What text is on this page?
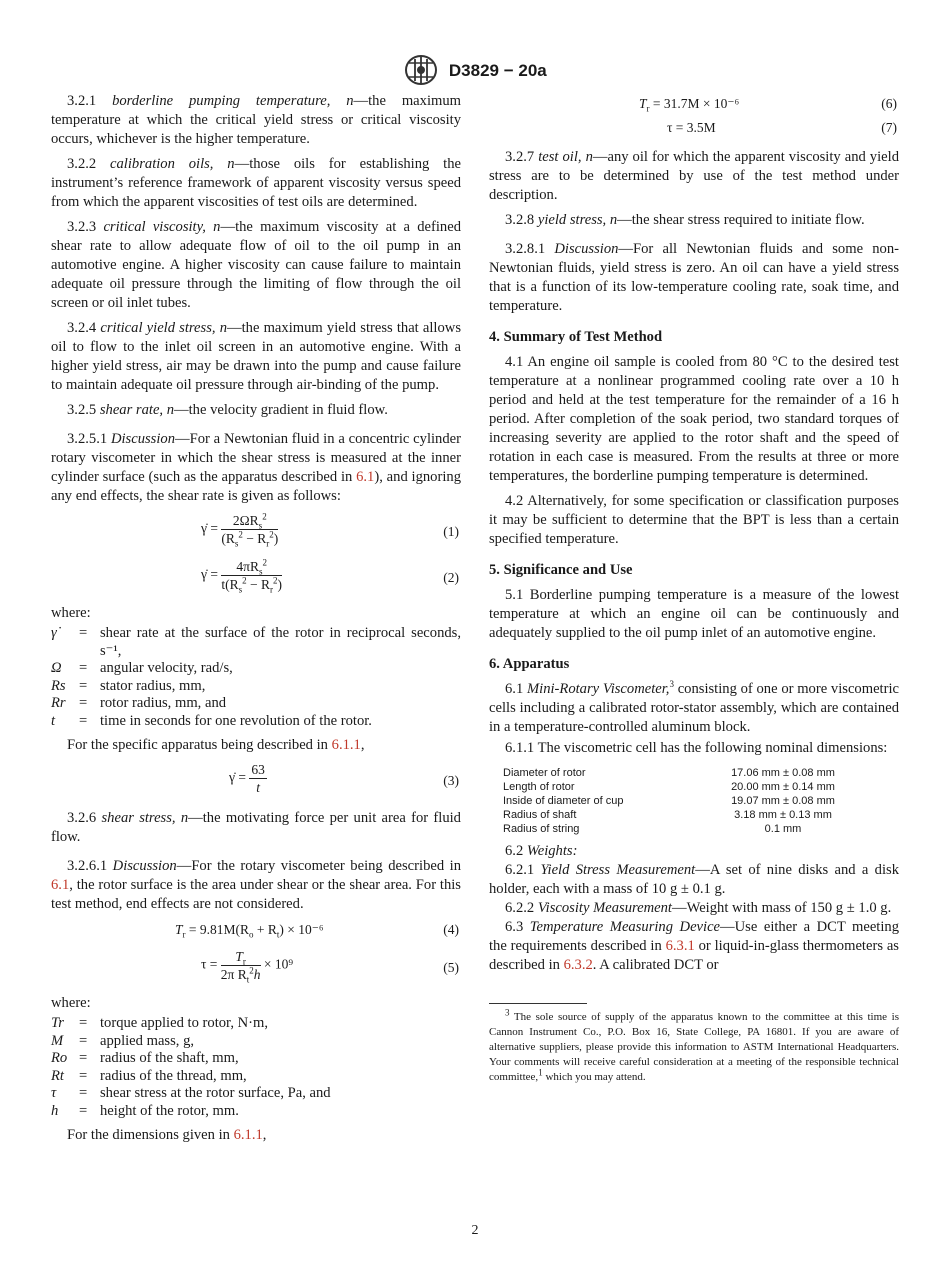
D3829 − 20a

3.2.1 borderline pumping temperature, n—the maximum temperature at which the critical yield stress or critical viscosity occurs, whichever is the higher temperature.

3.2.2 calibration oils, n—those oils for establishing the instrument’s reference framework of apparent viscosity versus speed from which the apparent viscosities of test oils are determined.

3.2.3 critical viscosity, n—the maximum viscosity at a defined shear rate to allow adequate flow of oil to the oil pump in an automotive engine. A higher viscosity can cause failure to maintain adequate oil pressure through the limiting of flow through the oil screen or oil inlet tubes.

3.2.4 critical yield stress, n—the maximum yield stress that allows oil to flow to the inlet oil screen in an automotive engine. With a higher yield stress, air may be drawn into the pump and cause failure to maintain adequate oil pressure through air-binding of the pump.

3.2.5 shear rate, n—the velocity gradient in fluid flow.

3.2.5.1 Discussion—For a Newtonian fluid in a concentric cylinder rotary viscometer in which the shear stress is measured at the inner cylinder surface (such as the apparatus described in 6.1), and ignoring any end effects, the shear rate is given as follows:

γ̇ = $\frac{2\Omega R_s^2}{(R_s^2 - R_r^2)}$	(1)
γ̇ = $\frac{4\pi R_s^2}{t(R_s^2 - R_r^2)}$	(2)
where:
γ̇	= shear rate at the surface of the rotor in reciprocal seconds, s⁻¹,
Ω	= angular velocity, rad/s,
Rs = stator radius, mm,
Rr = rotor radius, mm, and
t	= time in seconds for one revolution of the rotor.

For the specific apparatus being described in 6.1.1,

γ̇ = $\frac{63}{t}$	(3)

3.2.6 shear stress, n—the motivating force per unit area for fluid flow.

3.2.6.1 Discussion—For the rotary viscometer being described in 6.1, the rotor surface is the area under shear or the shear area. For this test method, end effects are not considered.

$T_r = 9.81M(R_o + R_t) \times 10^{-6}$	(4)
$\tau = \frac{T_r}{2\pi R_t^2h} \times 10^9$	(5)
where:
Tr	= torque applied to rotor, N·m,
M	= applied mass, g,
Ro = radius of the shaft, mm,
Rt	= radius of the thread, mm,
τ	= shear stress at the rotor surface, Pa, and
h	= height of the rotor, mm.

For the dimensions given in 6.1.1,

$T_r = 31.7M \times 10^{-6}$	(6)
τ = 3.5M	(7)

3.2.7 test oil, n—any oil for which the apparent viscosity and yield stress are to be determined by use of the test method under description.

3.2.8 yield stress, n—the shear stress required to initiate flow.

3.2.8.1 Discussion—For all Newtonian fluids and some non-Newtonian fluids, yield stress is zero. An oil can have a yield stress that is a function of its low-temperature cooling rate, soak time, and temperature.

4. Summary of Test Method

4.1 An engine oil sample is cooled from 80 °C to the desired test temperature at a nonlinear programmed cooling rate over a 10 h period and held at the test temperature for the remainder of a 16 h period. After completion of the soak period, two standard torques of increasing severity are applied to the rotor shaft and the speed of rotation in each case is measured. From the results at three or more temperatures, the borderline pumping temperature is determined.

4.2 Alternatively, for some specification or classification purposes it may be sufficient to determine that the BPT is less than a certain specified temperature.

5. Significance and Use

5.1 Borderline pumping temperature is a measure of the lowest temperature at which an engine oil can be continuously and adequately supplied to the oil pump inlet of an automotive engine.

6. Apparatus

6.1 Mini-Rotary Viscometer,$^3$ consisting of one or more viscometric cells including a calibrated rotor-stator assembly, which are contained in a temperature-controlled aluminum block.

6.1.1 The viscometric cell has the following nominal dimensions:

Diameter of rotor	17.06 mm ± 0.08 mm
Length of rotor	20.00 mm ± 0.14 mm
Inside of diameter of cup	19.07 mm ± 0.08 mm
Radius of shaft	3.18 mm ± 0.13 mm
Radius of string	0.1 mm

6.2 Weights:

6.2.1 Yield Stress Measurement—A set of nine disks and a disk holder, each with a mass of 10 g ± 0.1 g.

6.2.2 Viscosity Measurement—Weight with mass of 150 g ± 1.0 g.

6.3 Temperature Measuring Device—Use either a DCT meeting the requirements described in 6.3.1 or liquid-in-glass thermometers as described in 6.3.2. A calibrated DCT or

$^3$ The sole source of supply of the apparatus known to the committee at this time is Cannon Instrument Co., P.O. Box 16, State College, PA 16801. If you are aware of alternative suppliers, please provide this information to ASTM International Headquarters. Your comments will receive careful consideration at a meeting of the responsible technical committee,$^1$ which you may attend.
2
